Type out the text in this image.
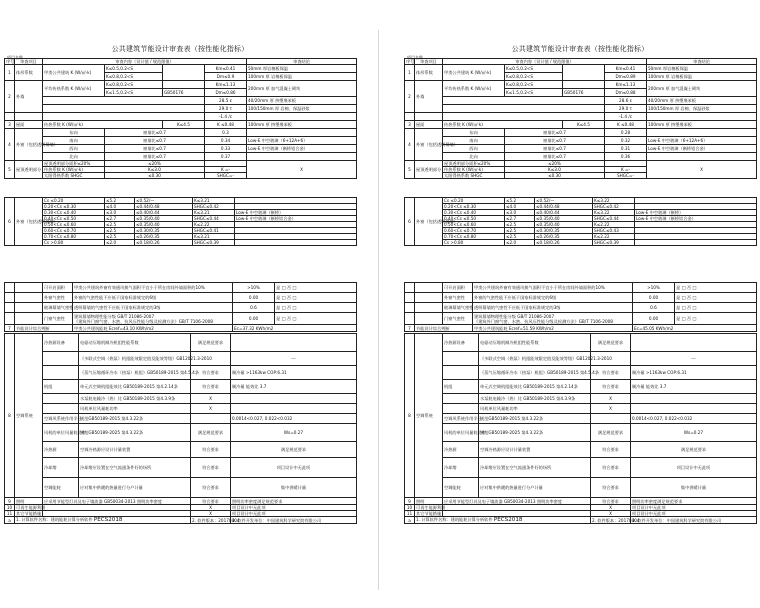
公共建筑节能设计审查表（按性能化指标）
项目名称
序号	审查项目	审查内容（设计值 / 规范限值）				审查结论
1	体形系数	甲类公共建筑 K (W/㎡·k)	K≤0.5,0.2<S		Km≤0.41	50mm 厚岩棉板保温
			K≤0.8,0.2<S		Dm≤0.9	100mm 厚 岩棉板保温
2	外墙	平均传热系数 K (W/㎡·k)	K≤0.8,0.2<S		Km≤1.13	200mm 厚 加气混凝土砌块
			K≤1.5,0.2<S	GB50176	Dm≤0.86	
					28.5 ε	40/20mm 厚 挤塑聚苯板
					29.0 τ	100/150mm 厚 岩棉、保温砂浆
					-1.4 /c	
3	屋面	传热系数 K (W/㎡·k)		K≤4.5	K ≤0.48	100mm 厚 挤塑聚苯板
4	外窗（包括透明幕墙）	东向	窗墙比≤0.7		0.3	
		南向	窗墙比≤0.7		0.34	Low-E 中空玻璃（6+12A+6）
		西向	窗墙比≤0.7		0.33	Low-E 中空玻璃（断桥铝合金）
		北向	窗墙比≤0.7		0.37	
5	屋顶透明部分	屋顶透明部分面积≤20%	≤20%			Ⅹ
		传热系数 K (W/㎡·k)	K≤3.0		K =-	
		太阳得热系数 SHGC	≤0.30		SHGC=-	
6	外窗（包括透明幕墙）	Cs ≤0.20	≤5.2	≤0.52/—	K≤3.21	
		0.20<Cs ≤0.30	≤4.0	≤0.44/0.48	SHGC≤0.42	
		0.30<Cs ≤0.40	≤3.0	≤0.40/0.44	K≤3.21	Low-E 中空玻璃（断桥）
		0.40<Cs ≤0.50	≤2.7	≤0.35/0.40	SHGC≤0.44	Low-E 中空玻璃（断桥铝合金）
		0.50<Cs ≤0.60	≤2.5	≤0.35/0.40	K≤2.22	
		0.60<Cs ≤0.70	≤2.5	≤0.30/0.35	SHGC≤0.41	
		0.70<Cs ≤0.80	≤2.5	≤0.26/0.35	K≤3.21	
		Cs >0.80	≤2.0	≤0.18/0.26	SHGC≤0.39	
		可开启面积	甲类公共建筑外窗有效通风换气面积不宜小于所在房间外墙面积的10%	>10%	是 □ 否 □
		外窗气密性	外窗的气密性能不应低于国家标准规定的6级	0.00	是 □ 否 □
		玻璃幕墙气密性	透明幕墙的气密性不应低于国家标准规定的3级	0.6	是 □ 否 □
		门窗气密性	建筑幕墙物理性能分级 GB/T 21086-2007
《建筑外门窗气密、水密、抗风压性能分级及检测方法》GB/T 7106-2008	0.00	是 □ 否 □
7	节能设计综合判断		甲类公共建筑能耗 Ecref=43.10 KWh/m2	Ec=37.32 KWh/m2	
8	空调系统	冷热源设备	电驱动压缩机制冷机组性能系数	满足规范要求	
			《多联式空调（热泵）机组能效限定值及能效等级》GB12021.3-2010		---
			《蒸气压缩循环冷水（热泵）机组》GB50189-2015 第4.5.4条	符合要求	制冷量 >1163kw COP:6.31
		机组	单元式空调机组能效比 GB50189-2015 第4.2.14条	符合要求	制冷量 能效比 3.7
			水泵耗电输冷（热）比 GB50189-2015 第4.3.9条	Ⅹ	
			风机单位风量耗功率	Ⅹ	
		空调风系统作用半径	规范GB50189-2015 第4.3.22条		0.0014<0.027, 0.022<0.032
		风机的单位风量耗功率	规范GB50189-2025 第4.3.22条	满足规范要求	Ws=0.27
		冷热源	空调冷热源应设计计量装置	符合要求	满足规范要求
		冷却塔	冷却塔应设置在空气流通条件好的场所	符合要求	项目设计中无此项
		空调能耗	应对集中供暖的热量进行分户计量	符合要求	集中供暖计量
9	照明	应采用节能型灯具及电子镇流器 GB50034-2013 照明功率密度		符合要求	照明功率密度满足规范要求
10	可再生能源利用			Ⅹ	项目设计中无此项
11	其它节能措施			Ⅹ	项目设计中无此项
a	1. 计算软件名称：建筑能耗计算分析软件 PECS2018			2. 软件版本：20170404	3. 软件开发单位：中国建筑科学研究院有限公司
公共建筑节能设计审查表（按性能化指标）
项目名称
序号	审查项目	审查内容（设计值 / 规范限值）				审查结论
1	体形系数	甲类公共建筑 K (W/㎡·k)	K≤0.5,0.2<S		Km≤0.41	50mm 厚岩棉板保温
			K≤0.8,0.2<S		Dm≤0.89	100mm 厚 岩棉板保温
2	外墙	平均传热系数 K (W/㎡·k)	K≤0.8,0.2<S		Km≤1.13	200mm 厚 加气混凝土砌块
			K≤1.5,0.2<S	GB50176	Dm≤0.88	
					28.6 ε	40/20mm 厚 挤塑聚苯板
					29.0 τ	100/150mm 厚 岩棉、保温砂浆
					-1.4 /c	
3	屋面	传热系数 K (W/㎡·k)		K≤4.5	K ≤0.48	100mm 厚 挤塑聚苯板
4	外窗（包括透明幕墙）	东向	窗墙比≤0.7		0.28	
		南向	窗墙比≤0.7		0.32	Low-E 中空玻璃（6+12A+6）
		西向	窗墙比≤0.7		0.31	Low-E 中空玻璃（断桥铝合金）
		北向	窗墙比≤0.7		0.36	
5	屋顶透明部分	屋顶透明部分面积≤20%	≤20%			Ⅹ
		传热系数 K (W/㎡·k)	K≤3.0		K =-	
		太阳得热系数 SHGC	≤0.30		SHGC=-	
6	外窗（包括透明幕墙）	Cs ≤0.20	≤5.2	≤0.52/—	K≤3.22	
		0.20<Cs ≤0.30	≤4.0	≤0.44/0.48	SHGC≤0.42	
		0.30<Cs ≤0.40	≤3.0	≤0.40/0.44	K≤3.22	Low-E 中空玻璃（断桥）
		0.40<Cs ≤0.50	≤2.7	≤0.35/0.40	SHGC≤0.44	Low-E 中空玻璃（断桥铝合金）
		0.50<Cs ≤0.60	≤2.5	≤0.35/0.40	K≤2.22	
		0.60<Cs ≤0.70	≤2.5	≤0.30/0.35	SHGC≤0.43	
		0.70<Cs ≤0.80	≤2.5	≤0.26/0.35	K≤2.22	
		Cs >0.80	≤2.0	≤0.18/0.26	SHGC≤0.39	
		可开启面积	甲类公共建筑外窗有效通风换气面积不宜小于所在房间外墙面积的10%	>10%	是 □ 否 □
		外窗气密性	外窗的气密性能不应低于国家标准规定的6级	0.00	是 □ 否 □
		玻璃幕墙气密性	透明幕墙的气密性不应低于国家标准规定的3级	0.6	是 □ 否 □
		门窗气密性	建筑幕墙物理性能分级 GB/T 21086-2007
《建筑外门窗气密、水密、抗风压性能分级及检测方法》GB/T 7106-2008	0.00	是 □ 否 □
7	节能设计综合判断		甲类公共建筑能耗 Ecref=51.59 KWh/m2	Ec=45.05 KWh/m2	
8	空调系统	冷热源设备	电驱动压缩机制冷机组性能系数	满足规范要求	
			《多联式空调（热泵）机组能效限定值及能效等级》GB12021.3-2010		---
			《蒸气压缩循环冷水（热泵）机组》GB50189-2015 第4.5.4条	符合要求	制冷量 >1163kw COP:6.31
		机组	单元式空调机组能效比 GB50189-2015 第4.2.14条	符合要求	制冷量 能效比 3.7
			水泵耗电输冷（热）比 GB50189-2015 第4.3.9条	Ⅹ	
			风机单位风量耗功率	Ⅹ	
		空调风系统作用半径	规范GB50189-2015 第4.3.22条		0.0014<0.027, 0.022<0.032
		风机的单位风量耗功率	规范GB50189-2025 第4.3.22条	满足规范要求	Ws=0.27
		冷热源	空调冷热源应设计计量装置	符合要求	满足规范要求
		冷却塔	冷却塔应设置在空气流通条件好的场所	符合要求	项目设计中无此项
		空调能耗	应对集中供暖的热量进行分户计量	符合要求	集中供暖计量
9	照明	应采用节能型灯具及电子镇流器 GB50034-2013 照明功率密度		符合要求	照明功率密度满足规范要求
10	可再生能源利用			Ⅹ	项目设计中无此项
11	其它节能措施			Ⅹ	项目设计中无此项
a	1. 计算软件名称：建筑能耗计算分析软件 PECS2018			2. 软件版本：20170404	3. 软件开发单位：中国建筑科学研究院有限公司
